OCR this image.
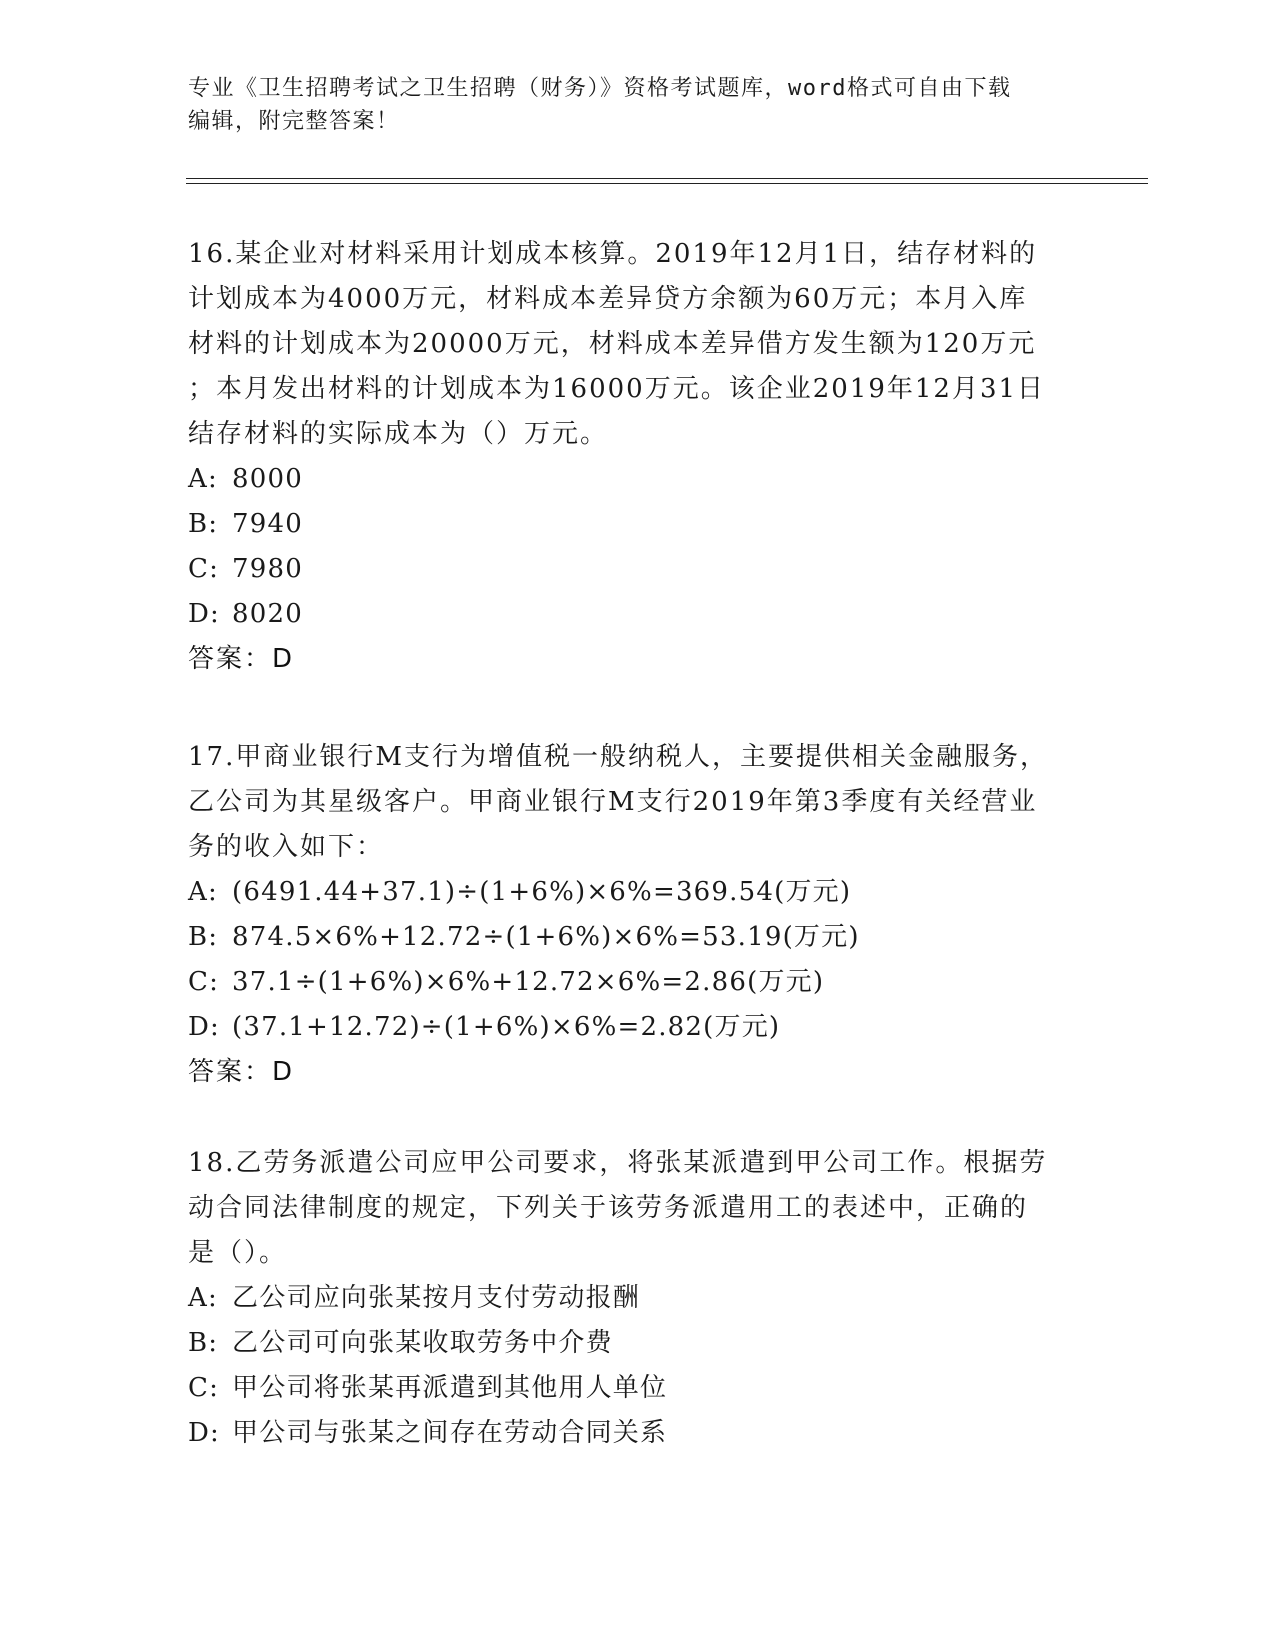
专业《卫生招聘考试之卫生招聘（财务）》资格考试题库，word格式可自由下载
编辑，附完整答案！
16.某企业对材料采用计划成本核算。2019年12月1日，结存材料的
计划成本为4000万元，材料成本差异贷方余额为60万元；本月入库
材料的计划成本为20000万元，材料成本差异借方发生额为120万元
；本月发出材料的计划成本为16000万元。该企业2019年12月31日
结存材料的实际成本为（）万元。
A: 8000
B: 7940
C: 7980
D: 8020
答案：D
17.甲商业银行M支行为增值税一般纳税人，主要提供相关金融服务，
乙公司为其星级客户。甲商业银行M支行2019年第3季度有关经营业
务的收入如下：
A: (6491.44+37.1)÷(1+6%)×6%=369.54(万元)
B: 874.5×6%+12.72÷(1+6%)×6%=53.19(万元)
C: 37.1÷(1+6%)×6%+12.72×6%=2.86(万元)
D: (37.1+12.72)÷(1+6%)×6%=2.82(万元)
答案：D
18.乙劳务派遣公司应甲公司要求，将张某派遣到甲公司工作。根据劳
动合同法律制度的规定，下列关于该劳务派遣用工的表述中，正确的
是（）。
A: 乙公司应向张某按月支付劳动报酬
B: 乙公司可向张某收取劳务中介费
C: 甲公司将张某再派遣到其他用人单位
D: 甲公司与张某之间存在劳动合同关系
